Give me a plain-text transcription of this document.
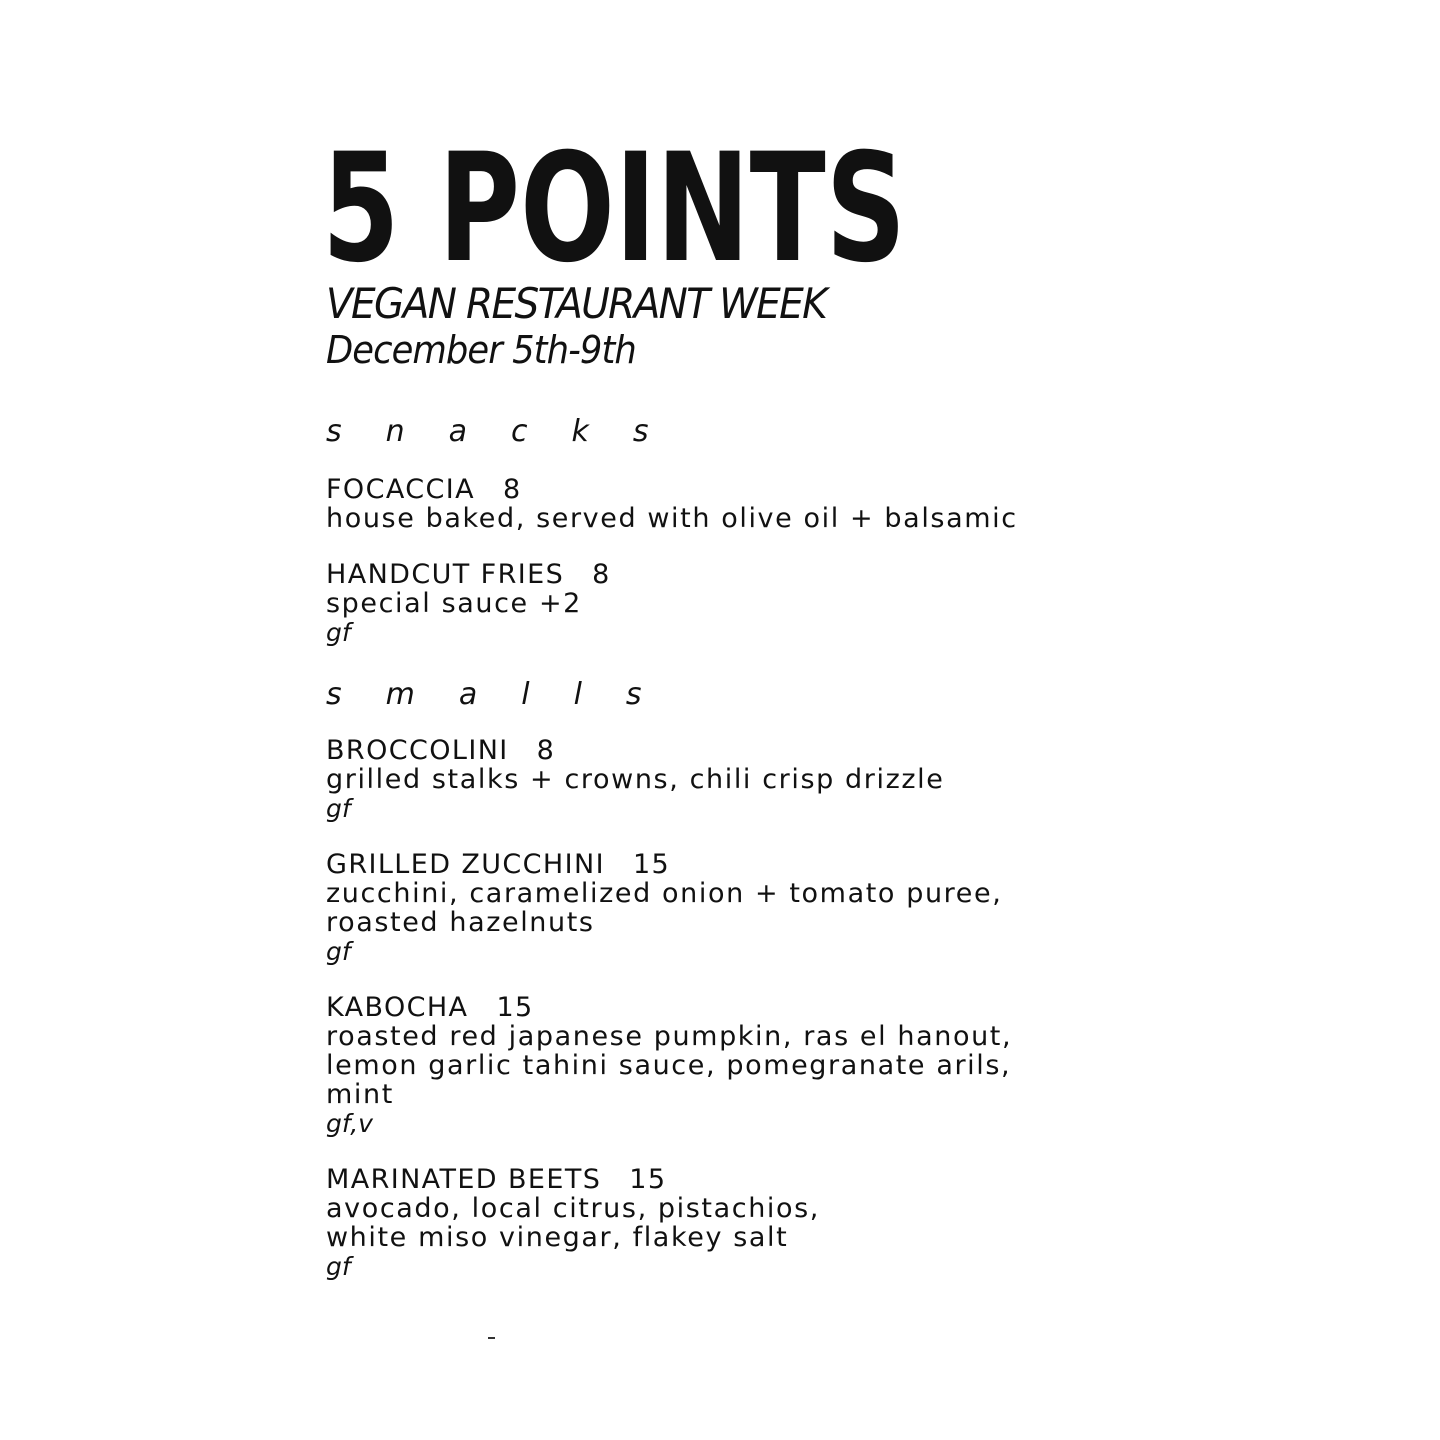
5 POINTS
VEGAN RESTAURANT WEEK
December 5th-9th
snacks
FOCACCIA 8
house baked, served with olive oil + balsamic
HANDCUT FRIES 8
special sauce +2
gf
smalls
BROCCOLINI 8
grilled stalks + crowns, chili crisp drizzle
gf
GRILLED ZUCCHINI 15
zucchini, caramelized onion + tomato puree,
roasted hazelnuts
gf
KABOCHA 15
roasted red japanese pumpkin, ras el hanout,
lemon garlic tahini sauce, pomegranate arils,
mint
gf,v
MARINATED BEETS 15
avocado, local citrus, pistachios,
white miso vinegar, flakey salt
gf
